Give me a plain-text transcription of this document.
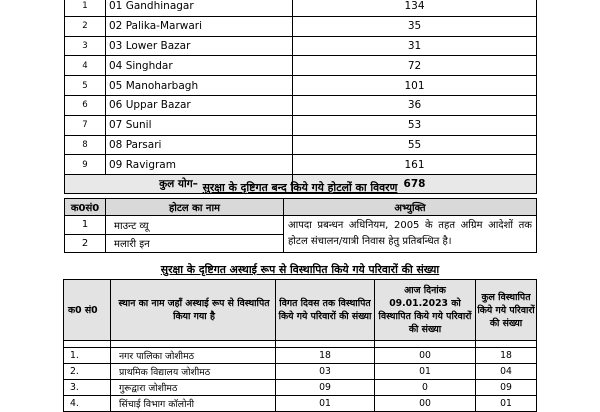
1	01 Gandhinagar	134
2	02 Palika-Marwari	35
3	03 Lower Bazar	31
4	04 Singhdar	72
5	05 Manoharbagh	101
6	06 Uppar Bazar	36
7	07 Sunil	53
8	08 Parsari	55
9	09 Ravigram	161
कुल योग–		678
सुरक्षा के दृष्टिगत बन्द किये गये होटलों का विवरण
क0सं0	होटल का नाम	अभ्युक्ति
1	माउन्ट व्यू	आपदा प्रबन्धन अधिनियम, 2005 के तहत अग्रिम आदेशों तक होटल संचालन/यात्री निवास हेतु प्रतिबन्धित है।
2	मलारी इन	
सुरक्षा के दृष्टिगत अस्थाई रूप से विस्थापित किये गये परिवारों की संख्या
क0 सं0	स्थान का नाम जहाँ अस्थाई रूप से विस्थापित किया गया है	विगत दिवस तक विस्थापित किये गये परिवारों की संख्या	आज दिनांक 09.01.2023 को विस्थापित किये गये परिवारों की संख्या	कुल विस्थापित किये गये परिवारों की संख्या

1.	नगर पालिका जोशीमठ	18	00	18
2.	प्राथमिक विद्यालय जोशीमठ	03	01	04
3.	गुरूद्वारा जोशीमठ	09	0	09
4.	सिंचाई विभाग कॉलोनी	01	00	01
